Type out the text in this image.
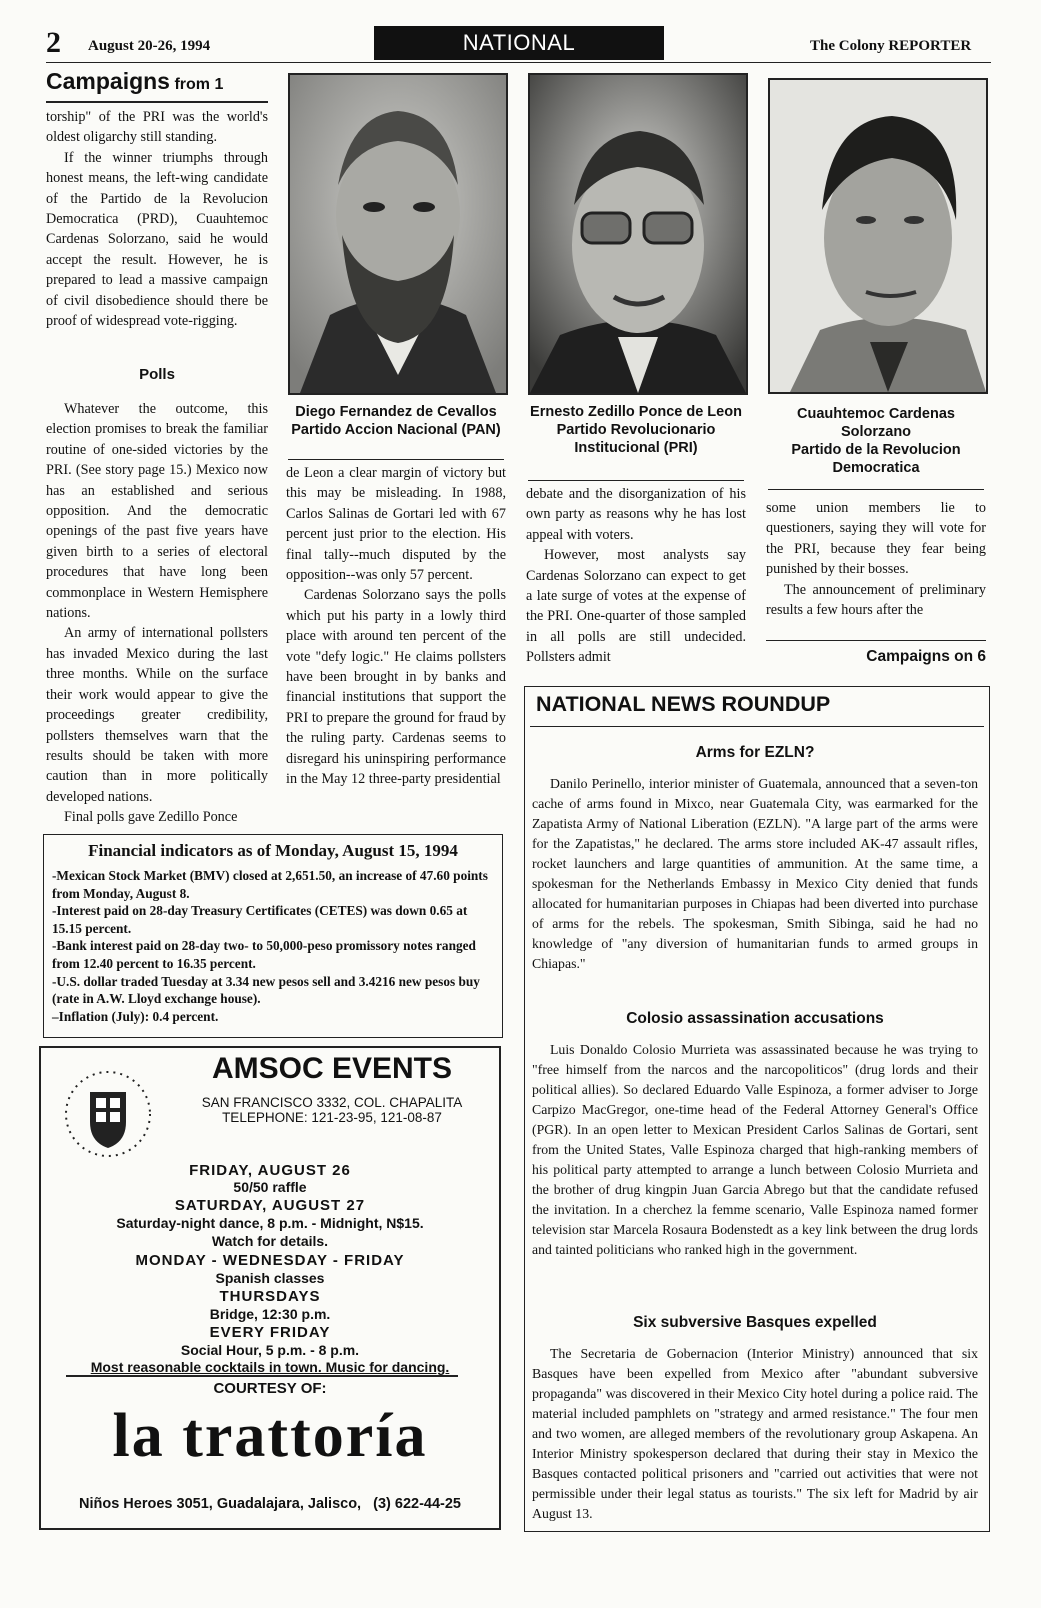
2 August 20-26, 1994	NATIONAL	The Colony REPORTER
Campaigns from 1

torship" of the PRI was the world's oldest oligarchy still standing.

If the winner triumphs through honest means, the left-wing candidate of the Partido de la Revolucion Democratica (PRD), Cuauhtemoc Cardenas Solorzano, said he would accept the result. However, he is prepared to lead a massive campaign of civil disobedience should there be proof of widespread vote-rigging.

Polls

Whatever the outcome, this election promises to break the familiar routine of one-sided victories by the PRI. (See story page 15.) Mexico now has an established and serious opposition. And the democratic openings of the past five years have given birth to a series of electoral procedures that have long been commonplace in Western Hemisphere nations.

An army of international pollsters has invaded Mexico during the last three months. While on the surface their work would appear to give the proceedings greater credibility, pollsters themselves warn that the results should be taken with more caution than in more politically developed nations.

Final polls gave Zedillo Ponce

Diego Fernandez de Cevallos
Partido Accion Nacional (PAN)
Ernesto Zedillo Ponce de Leon
Partido Revolucionario Institucional (PRI)
Cuauhtemoc Cardenas Solorzano
Partido de la Revolucion Democratica

de Leon a clear margin of victory but this may be misleading. In 1988, Carlos Salinas de Gortari led with 67 percent just prior to the election. His final tally--much disputed by the opposition--was only 57 percent.

Cardenas Solorzano says the polls which put his party in a lowly third place with around ten percent of the vote "defy logic." He claims pollsters have been brought in by banks and financial institutions that support the PRI to prepare the ground for fraud by the ruling party. Cardenas seems to disregard his uninspiring performance in the May 12 three-party presidential

debate and the disorganization of his own party as reasons why he has lost appeal with voters.

However, most analysts say Cardenas Solorzano can expect to get a late surge of votes at the expense of the PRI. One-quarter of those sampled in all polls are still undecided. Pollsters admit

some union members lie to questioners, saying they will vote for the PRI, because they fear being punished by their bosses.

The announcement of preliminary results a few hours after the

Campaigns on 6
Financial indicators as of Monday, August 15, 1994

-Mexican Stock Market (BMV) closed at 2,651.50, an increase of 47.60 points from Monday, August 8.

-Interest paid on 28-day Treasury Certificates (CETES) was down 0.65 at 15.15 percent.

-Bank interest paid on 28-day two- to 50,000-peso promissory notes ranged from 12.40 percent to 16.35 percent.

-U.S. dollar traded Tuesday at 3.34 new pesos sell and 3.4216 new pesos buy (rate in A.W. Lloyd exchange house).

–Inflation (July): 0.4 percent.

AMSOC EVENTS
SAN FRANCISCO 3332, COL. CHAPALITA
TELEPHONE: 121-23-95, 121-08-87

FRIDAY, AUGUST 26

50/50 raffle

SATURDAY, AUGUST 27

Saturday-night dance, 8 p.m. - Midnight, N$15.

Watch for details.

MONDAY - WEDNESDAY - FRIDAY

Spanish classes

THURSDAYS

Bridge, 12:30 p.m.

EVERY FRIDAY

Social Hour, 5 p.m. - 8 p.m.

Most reasonable cocktails in town. Music for dancing.

COURTESY OF:
la trattoría
Niños Heroes 3051, Guadalajara, Jalisco, (3) 622-44-25
NATIONAL NEWS ROUNDUP

Arms for EZLN?

Danilo Perinello, interior minister of Guatemala, announced that a seven-ton cache of arms found in Mixco, near Guatemala City, was earmarked for the Zapatista Army of National Liberation (EZLN). "A large part of the arms were for the Zapatistas," he declared. The arms store included AK-47 assault rifles, rocket launchers and large quantities of ammunition. At the same time, a spokesman for the Netherlands Embassy in Mexico City denied that funds allocated for humanitarian purposes in Chiapas had been diverted into purchase of arms for the rebels. The spokesman, Smith Sibinga, said he had no knowledge of "any diversion of humanitarian funds to armed groups in Chiapas."

Colosio assassination accusations

Luis Donaldo Colosio Murrieta was assassinated because he was trying to "free himself from the narcos and the narcopoliticos" (drug lords and their political allies). So declared Eduardo Valle Espinoza, a former adviser to Jorge Carpizo MacGregor, one-time head of the Federal Attorney General's Office (PGR). In an open letter to Mexican President Carlos Salinas de Gortari, sent from the United States, Valle Espinoza charged that high-ranking members of his political party attempted to arrange a lunch between Colosio Murrieta and the brother of drug kingpin Juan Garcia Abrego but that the candidate refused the invitation. In a cherchez la femme scenario, Valle Espinoza named former television star Marcela Rosaura Bodenstedt as a key link between the drug lords and tainted politicians who ranked high in the government.

Six subversive Basques expelled

The Secretaria de Gobernacion (Interior Ministry) announced that six Basques have been expelled from Mexico after "abundant subversive propaganda" was discovered in their Mexico City hotel during a police raid. The material included pamphlets on "strategy and armed resistance." The four men and two women, are alleged members of the revolutionary group Askapena. An Interior Ministry spokesperson declared that during their stay in Mexico the Basques contacted political prisoners and "carried out activities that were not permissible under their legal status as tourists." The six left for Madrid by air August 13.
